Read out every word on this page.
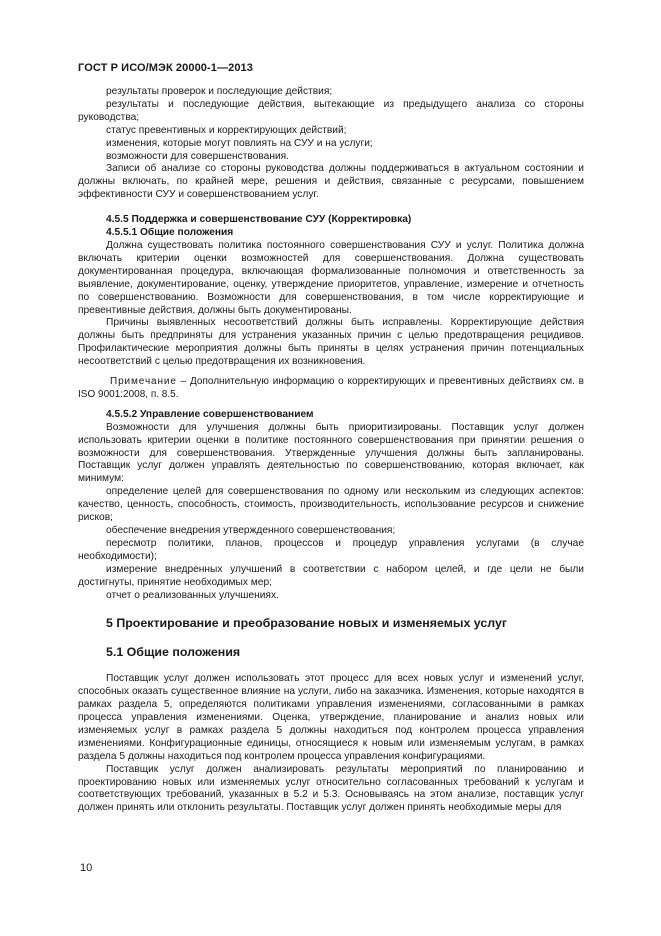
ГОСТ Р ИСО/МЭК 20000-1—2013

результаты проверок и последующие действия;

результаты и последующие действия, вытекающие из предыдущего анализа со стороны руководства;

статус превентивных и корректирующих действий;

изменения, которые могут повлиять на СУУ и на услуги;

возможности для совершенствования.

Записи об анализе со стороны руководства должны поддерживаться в актуальном состоянии и должны включать, по крайней мере, решения и действия, связанные с ресурсами, повышением эффективности СУУ и совершенствованием услуг.

4.5.5 Поддержка и совершенствование СУУ (Корректировка)

4.5.5.1 Общие положения

Должна существовать политика постоянного совершенствования СУУ и услуг. Политика должна включать критерии оценки возможностей для совершенствования. Должна существовать документированная процедура, включающая формализованные полномочия и ответственность за выявление, документирование, оценку, утверждение приоритетов, управление, измерение и отчетность по совершенствованию. Возможности для совершенствования, в том числе корректирующие и превентивные действия, должны быть документированы.

Причины выявленных несоответствий должны быть исправлены. Корректирующие действия должны быть предприняты для устранения указанных причин с целью предотвращения рецидивов. Профилактические мероприятия должны быть приняты в целях устранения причин потенциальных несоответствий с целью предотвращения их возникновения.

Примечание – Дополнительную информацию о корректирующих и превентивных действиях см. в ISO 9001:2008, п. 8.5.

4.5.5.2 Управление совершенствованием

Возможности для улучшения должны быть приоритизированы. Поставщик услуг должен использовать критерии оценки в политике постоянного совершенствования при принятии решения о возможности для совершенствования. Утвержденные улучшения должны быть запланированы. Поставщик услуг должен управлять деятельностью по совершенствованию, которая включает, как минимум:

определение целей для совершенствования по одному или нескольким из следующих аспектов: качество, ценность, способность, стоимость, производительность, использование ресурсов и снижение рисков;

обеспечение внедрения утвержденного совершенствования;

пересмотр политики, планов, процессов и процедур управления услугами (в случае необходимости);

измерение внедренных улучшений в соответствии с набором целей, и где цели не были достигнуты, принятие необходимых мер;

отчет о реализованных улучшениях.

5 Проектирование и преобразование новых и изменяемых услуг

5.1 Общие положения

Поставщик услуг должен использовать этот процесс для всех новых услуг и изменений услуг, способных оказать существенное влияние на услуги, либо на заказчика. Изменения, которые находятся в рамках раздела 5, определяются политиками управления изменениями, согласованными в рамках процесса управления изменениями. Оценка, утверждение, планирование и анализ новых или изменяемых услуг в рамках раздела 5 должны находиться под контролем процесса управления изменениями. Конфигурационные единицы, относящиеся к новым или изменяемым услугам, в рамках раздела 5 должны находиться под контролем процесса управления конфигурациями.

Поставщик услуг должен анализировать результаты мероприятий по планированию и проектированию новых или изменяемых услуг относительно согласованных требований к услугам и соответствующих требований, указанных в 5.2 и 5.3. Основываясь на этом анализе, поставщик услуг должен принять или отклонить результаты. Поставщик услуг должен принять необходимые меры для

10
